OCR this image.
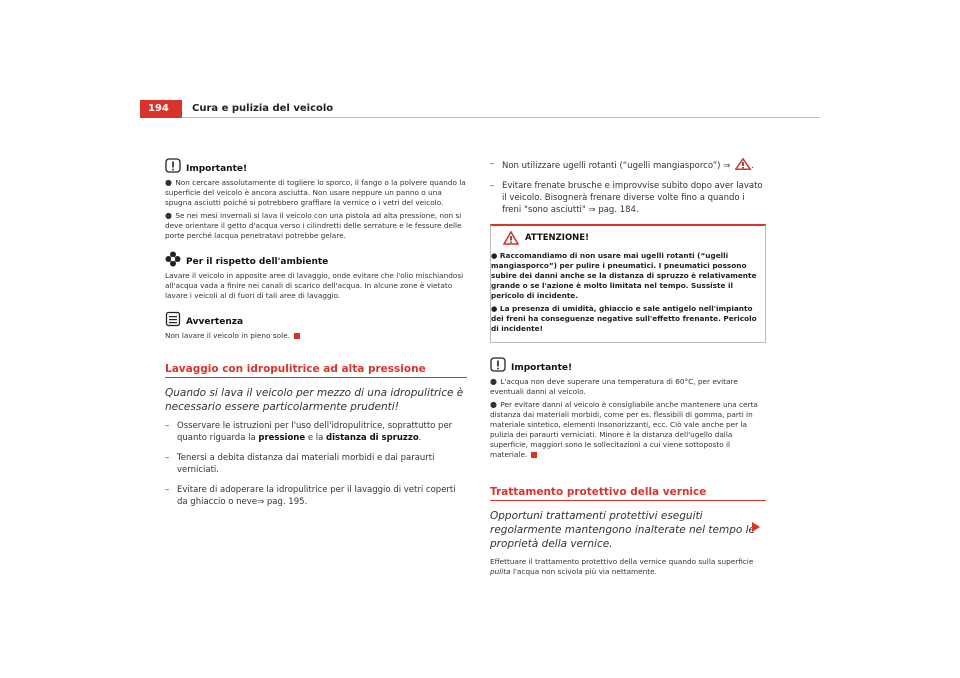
194	Cura e pulizia del veicolo
Importante!
● Non cercare assolutamente di togliere lo sporco, il fango o la polvere quando la superficie del veicolo è ancora asciutta. Non usare neppure un panno o una spugna asciutti poiché si potrebbero graffiare la vernice o i vetri del veicolo.
● Se nei mesi invernali si lava il veicolo con una pistola ad alta pressione, non si deve orientare il getto d'acqua verso i cilindretti delle serrature e le fessure delle porte perché lacqua penetratavi potrebbe gelare.
Per il rispetto dell'ambiente
Lavare il veicolo in apposite aree di lavaggio, onde evitare che l'olio mischiandosi all'acqua vada a finire nei canali di scarico dell'acqua. In alcune zone è vietato lavare i veicoli al di fuori di tali aree di lavaggio.
Avvertenza
Non lavare il veicolo in pieno sole.
Lavaggio con idropulitrice ad alta pressione
Quando si lava il veicolo per mezzo di una idropulitrice è necessario essere particolarmente prudenti!
– Osservare le istruzioni per l'uso dell'idropulitrice, soprattutto per quanto riguarda la pressione e la distanza di spruzzo.
– Tenersi a debita distanza dai materiali morbidi e dai paraurti verniciati.
– Evitare di adoperare la idropulitrice per il lavaggio di vetri coperti da ghiaccio o neve⇒ pag. 195.
– Non utilizzare ugelli rotanti (“ugelli mangiasporco”) ⇒ .
– Evitare frenate brusche e improvvise subito dopo aver lavato il veicolo. Bisognerà frenare diverse volte fino a quando i freni "sono asciutti" ⇒ pag. 184.
ATTENZIONE!
● Raccomandiamo di non usare mai ugelli rotanti (“ugelli mangiasporco”) per pulire i pneumatici. I pneumatici possono subire dei danni anche se la distanza di spruzzo è relativamente grande o se l'azione è molto limitata nel tempo. Sussiste il pericolo di incidente.
● La presenza di umidità, ghiaccio e sale antigelo nell'impianto dei freni ha conseguenze negative sull'effetto frenante. Pericolo di incidente!
Importante!
● L'acqua non deve superare una temperatura di 60°C, per evitare eventuali danni al veicolo.
● Per evitare danni al veicolo è consigliabile anche mantenere una certa distanza dai materiali morbidi, come per es. flessibili di gomma, parti in materiale sintetico, elementi insonorizzanti, ecc. Ciò vale anche per la pulizia dei paraurti verniciati. Minore è la distanza dell'ugello dalla superficie, maggiori sono le sollecitazioni a cui viene sottoposto il materiale.
Trattamento protettivo della vernice
Opportuni trattamenti protettivi eseguiti regolarmente mantengono inalterate nel tempo le proprietà della vernice.
Effettuare il trattamento protettivo della vernice quando sulla superficie pulita l'acqua non scivola più via nettamente.
